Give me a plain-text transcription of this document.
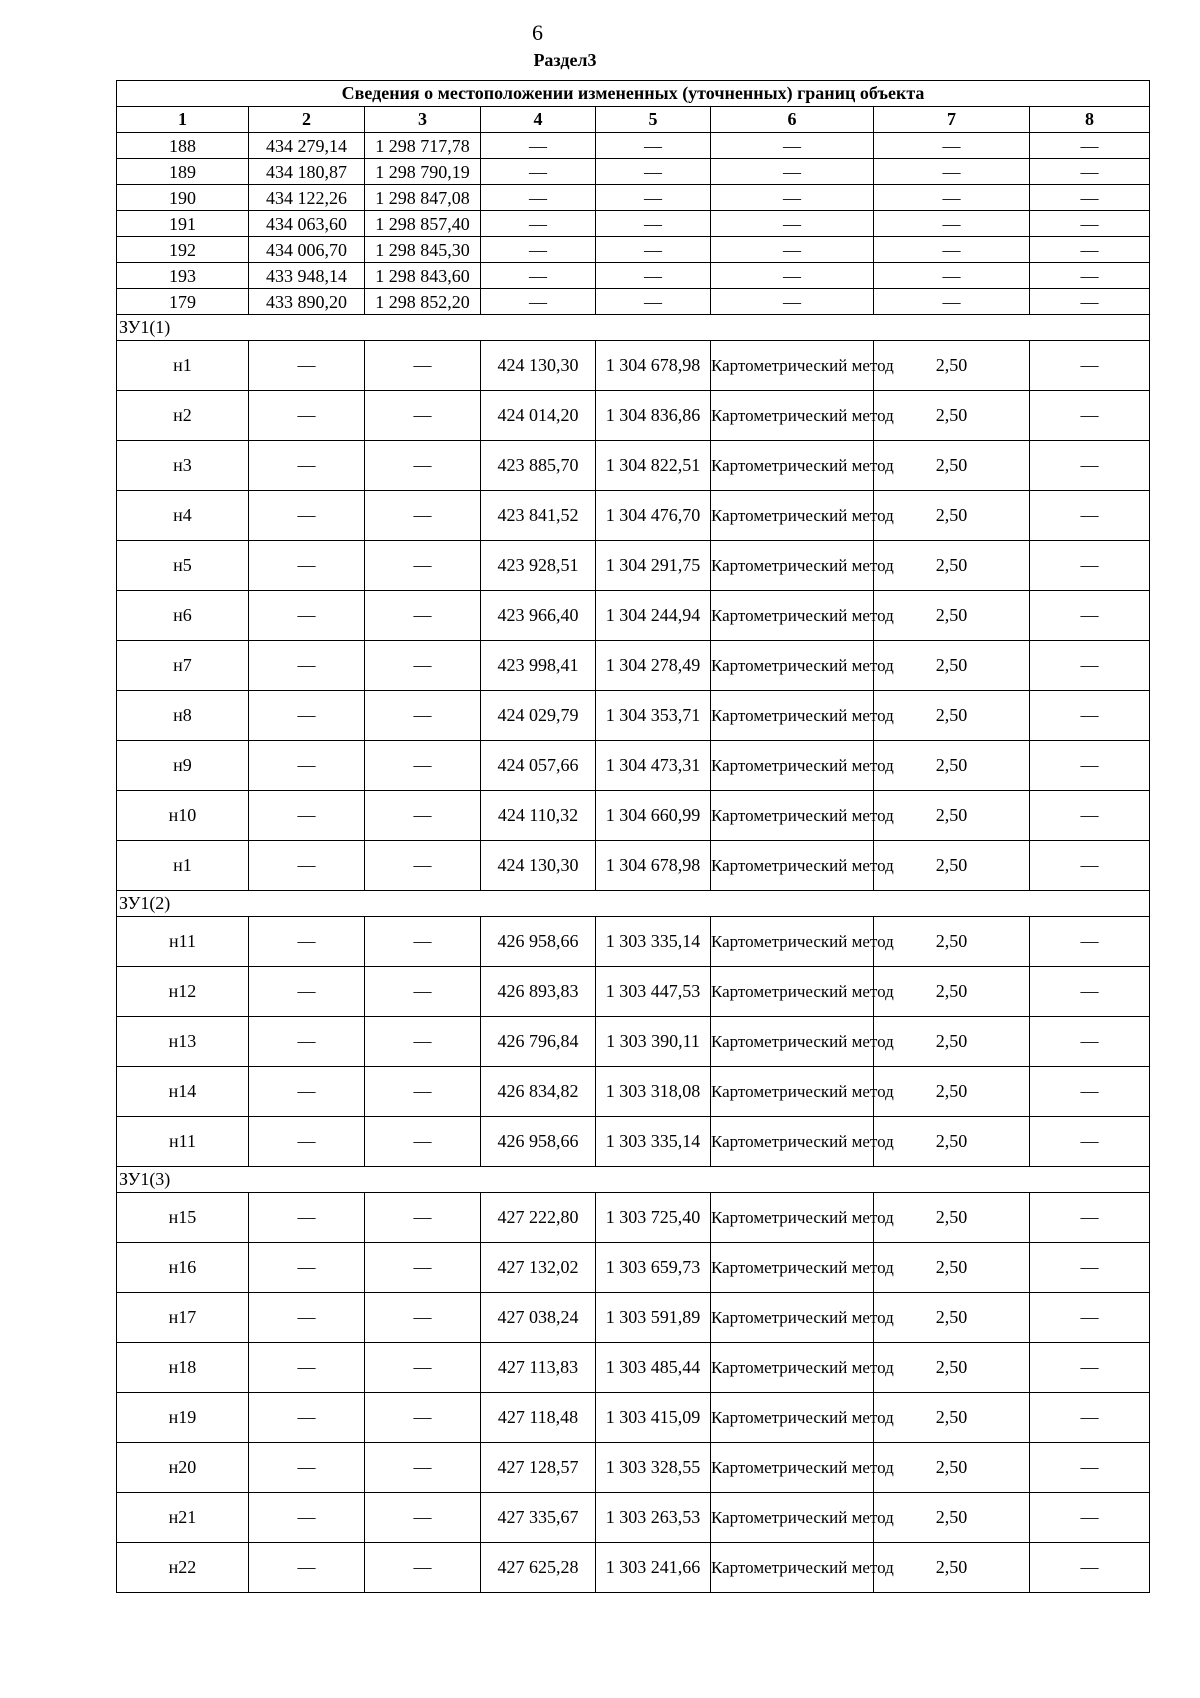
6
Раздел3
Сведения о местоположении измененных (уточненных) границ объекта							
1	2	3	4	5	6	7	8
188	434 279,14	1 298 717,78	—	—	—	—	—
189	434 180,87	1 298 790,19	—	—	—	—	—
190	434 122,26	1 298 847,08	—	—	—	—	—
191	434 063,60	1 298 857,40	—	—	—	—	—
192	434 006,70	1 298 845,30	—	—	—	—	—
193	433 948,14	1 298 843,60	—	—	—	—	—
179	433 890,20	1 298 852,20	—	—	—	—	—
ЗУ1(1)							
н1	—	—	424 130,30	1 304 678,98	Картометрический метод	2,50	—
н2	—	—	424 014,20	1 304 836,86	Картометрический метод	2,50	—
н3	—	—	423 885,70	1 304 822,51	Картометрический метод	2,50	—
н4	—	—	423 841,52	1 304 476,70	Картометрический метод	2,50	—
н5	—	—	423 928,51	1 304 291,75	Картометрический метод	2,50	—
н6	—	—	423 966,40	1 304 244,94	Картометрический метод	2,50	—
н7	—	—	423 998,41	1 304 278,49	Картометрический метод	2,50	—
н8	—	—	424 029,79	1 304 353,71	Картометрический метод	2,50	—
н9	—	—	424 057,66	1 304 473,31	Картометрический метод	2,50	—
н10	—	—	424 110,32	1 304 660,99	Картометрический метод	2,50	—
н1	—	—	424 130,30	1 304 678,98	Картометрический метод	2,50	—
ЗУ1(2)							
н11	—	—	426 958,66	1 303 335,14	Картометрический метод	2,50	—
н12	—	—	426 893,83	1 303 447,53	Картометрический метод	2,50	—
н13	—	—	426 796,84	1 303 390,11	Картометрический метод	2,50	—
н14	—	—	426 834,82	1 303 318,08	Картометрический метод	2,50	—
н11	—	—	426 958,66	1 303 335,14	Картометрический метод	2,50	—
ЗУ1(3)							
н15	—	—	427 222,80	1 303 725,40	Картометрический метод	2,50	—
н16	—	—	427 132,02	1 303 659,73	Картометрический метод	2,50	—
н17	—	—	427 038,24	1 303 591,89	Картометрический метод	2,50	—
н18	—	—	427 113,83	1 303 485,44	Картометрический метод	2,50	—
н19	—	—	427 118,48	1 303 415,09	Картометрический метод	2,50	—
н20	—	—	427 128,57	1 303 328,55	Картометрический метод	2,50	—
н21	—	—	427 335,67	1 303 263,53	Картометрический метод	2,50	—
н22	—	—	427 625,28	1 303 241,66	Картометрический метод	2,50	—
